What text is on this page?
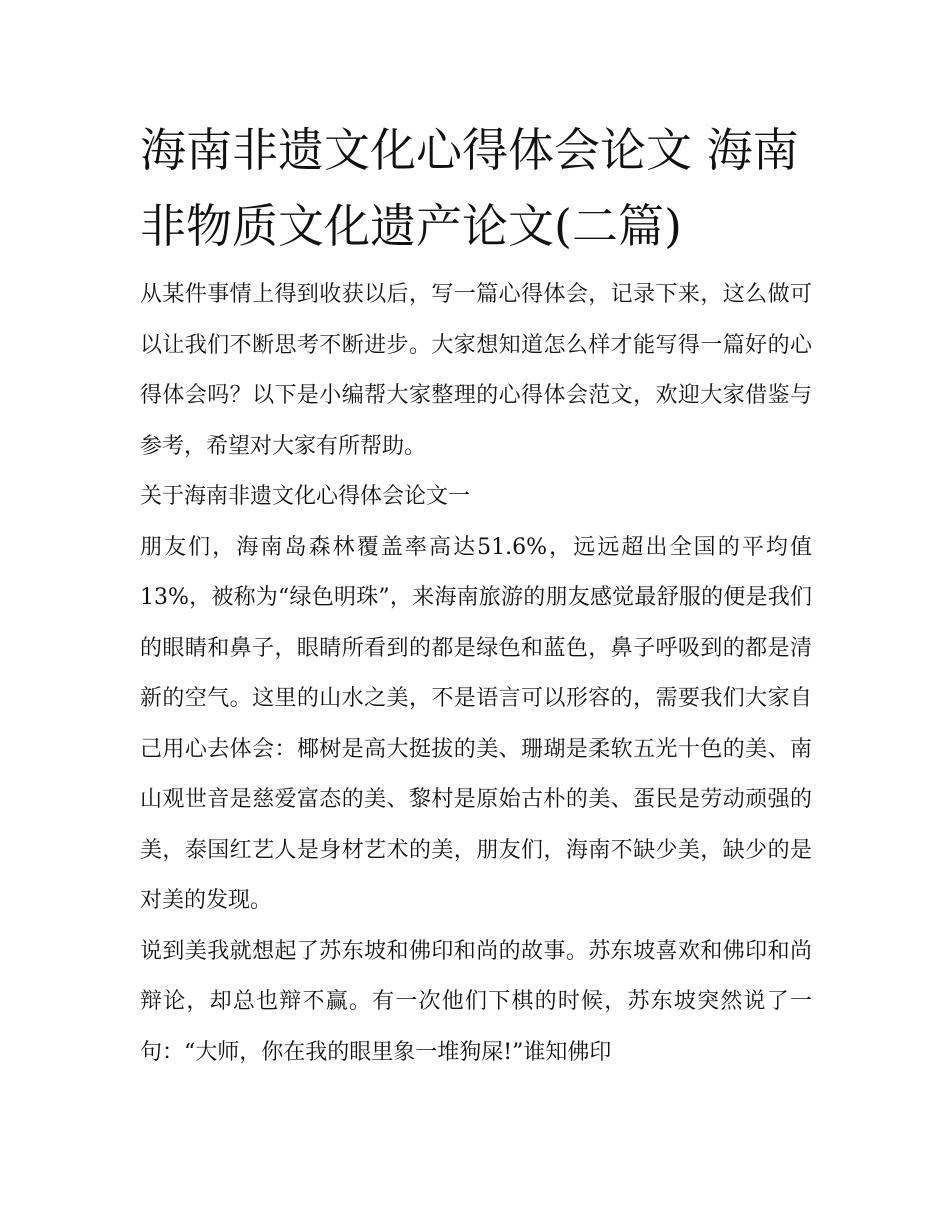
海南非遗文化心得体会论文 海南非物质文化遗产论文(二篇)

从某件事情上得到收获以后，写一篇心得体会，记录下来，这么做可以让我们不断思考不断进步。大家想知道怎么样才能写得一篇好的心得体会吗？以下是小编帮大家整理的心得体会范文，欢迎大家借鉴与参考，希望对大家有所帮助。

关于海南非遗文化心得体会论文一

朋友们，海南岛森林覆盖率高达51.6%，远远超出全国的平均值13%，被称为“绿色明珠”，来海南旅游的朋友感觉最舒服的便是我们的眼睛和鼻子，眼睛所看到的都是绿色和蓝色，鼻子呼吸到的都是清新的空气。这里的山水之美，不是语言可以形容的，需要我们大家自己用心去体会：椰树是高大挺拔的美、珊瑚是柔软五光十色的美、南山观世音是慈爱富态的美、黎村是原始古朴的美、蛋民是劳动顽强的美，泰国红艺人是身材艺术的美，朋友们，海南不缺少美，缺少的是对美的发现。

说到美我就想起了苏东坡和佛印和尚的故事。苏东坡喜欢和佛印和尚辩论，却总也辩不赢。有一次他们下棋的时候，苏东坡突然说了一句：“大师，你在我的眼里象一堆狗屎!”谁知佛印
